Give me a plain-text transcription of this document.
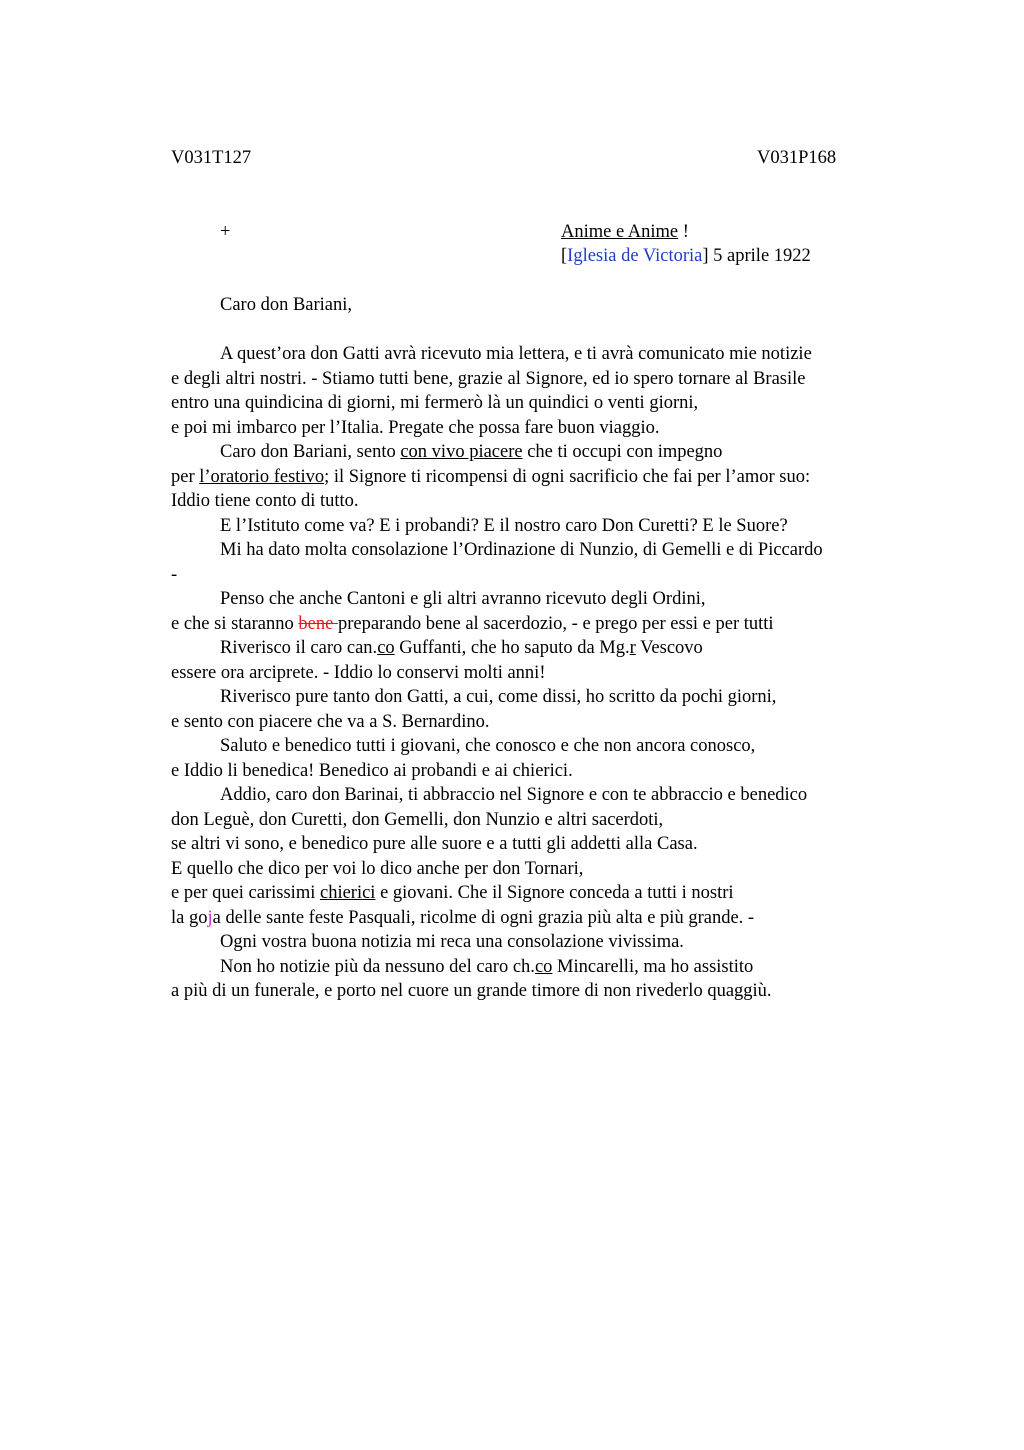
V031T127	V031P168
+	Anime e Anime !
[Iglesia de Victoria] 5 aprile 1922
Caro don Bariani,
A quest’ora don Gatti avrà ricevuto mia lettera, e ti avrà comunicato mie notizie
e degli altri nostri. - Stiamo tutti bene, grazie al Signore, ed io spero tornare al Brasile
entro una quindicina di giorni, mi fermerò là un quindici o venti giorni,
e poi mi imbarco per l’Italia. Pregate che possa fare buon viaggio.
Caro don Bariani, sento con vivo piacere che ti occupi con impegno
per l’oratorio festivo; il Signore ti ricompensi di ogni sacrificio che fai per l’amor suo:
Iddio tiene conto di tutto.
E l’Istituto come va? E i probandi? E il nostro caro Don Curetti? E le Suore?
Mi ha dato molta consolazione l’Ordinazione di Nunzio, di Gemelli e di Piccardo
-
Penso che anche Cantoni e gli altri avranno ricevuto degli Ordini,
e che si staranno bene preparando bene al sacerdozio, - e prego per essi e per tutti
Riverisco il caro can.co Guffanti, che ho saputo da Mg.r Vescovo
essere ora arciprete. - Iddio lo conservi molti anni!
Riverisco pure tanto don Gatti, a cui, come dissi, ho scritto da pochi giorni,
e sento con piacere che va a S. Bernardino.
Saluto e benedico tutti i giovani, che conosco e che non ancora conosco,
e Iddio li benedica! Benedico ai probandi e ai chierici.
Addio, caro don Barinai, ti abbraccio nel Signore e con te abbraccio e benedico
don Leguè, don Curetti, don Gemelli, don Nunzio e altri sacerdoti,
se altri vi sono, e benedico pure alle suore e a tutti gli addetti alla Casa.
E quello che dico per voi lo dico anche per don Tornari,
e per quei carissimi chierici e giovani. Che il Signore conceda a tutti i nostri
la goja delle sante feste Pasquali, ricolme di ogni grazia più alta e più grande. -
Ogni vostra buona notizia mi reca una consolazione vivissima.
Non ho notizie più da nessuno del caro ch.co Mincarelli, ma ho assistito
a più di un funerale, e porto nel cuore un grande timore di non rivederlo quaggiù.
